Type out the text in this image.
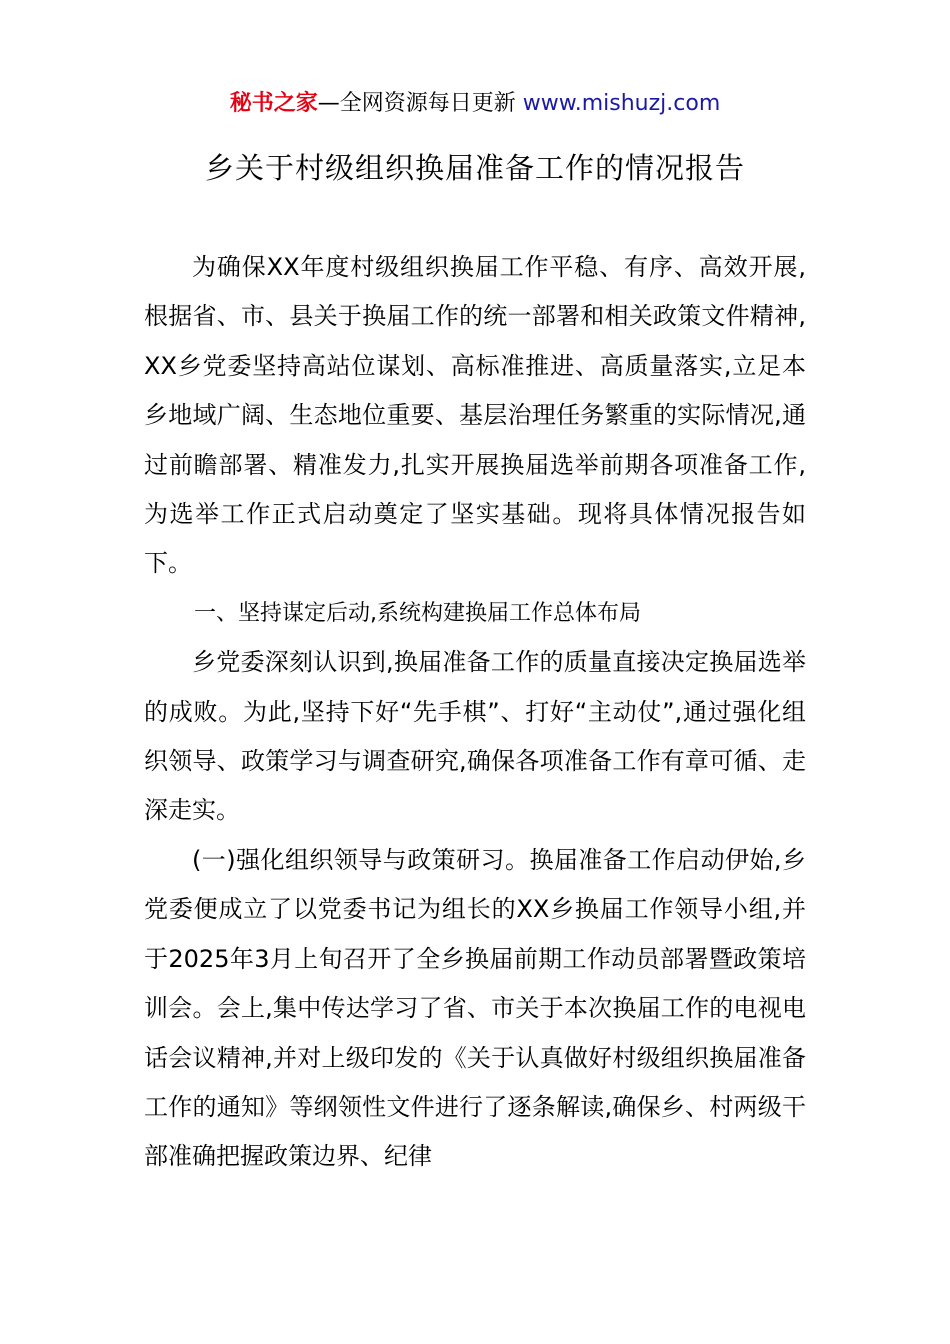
秘书之家—全网资源每日更新 www.mishuzj.com
乡关于村级组织换届准备工作的情况报告

为确保XX年度村级组织换届工作平稳、有序、高效开展,根据省、市、县关于换届工作的统一部署和相关政策文件精神,XX乡党委坚持高站位谋划、高标准推进、高质量落实,立足本乡地域广阔、生态地位重要、基层治理任务繁重的实际情况,通过前瞻部署、精准发力,扎实开展换届选举前期各项准备工作,为选举工作正式启动奠定了坚实基础。现将具体情况报告如下。

一、坚持谋定后动,系统构建换届工作总体布局

乡党委深刻认识到,换届准备工作的质量直接决定换届选举的成败。为此,坚持下好“先手棋”、打好“主动仗”,通过强化组织领导、政策学习与调查研究,确保各项准备工作有章可循、走深走实。

(一)强化组织领导与政策研习。换届准备工作启动伊始,乡党委便成立了以党委书记为组长的XX乡换届工作领导小组,并于2025年3月上旬召开了全乡换届前期工作动员部署暨政策培训会。会上,集中传达学习了省、市关于本次换届工作的电视电话会议精神,并对上级印发的《关于认真做好村级组织换届准备工作的通知》等纲领性文件进行了逐条解读,确保乡、村两级干部准确把握政策边界、纪律
